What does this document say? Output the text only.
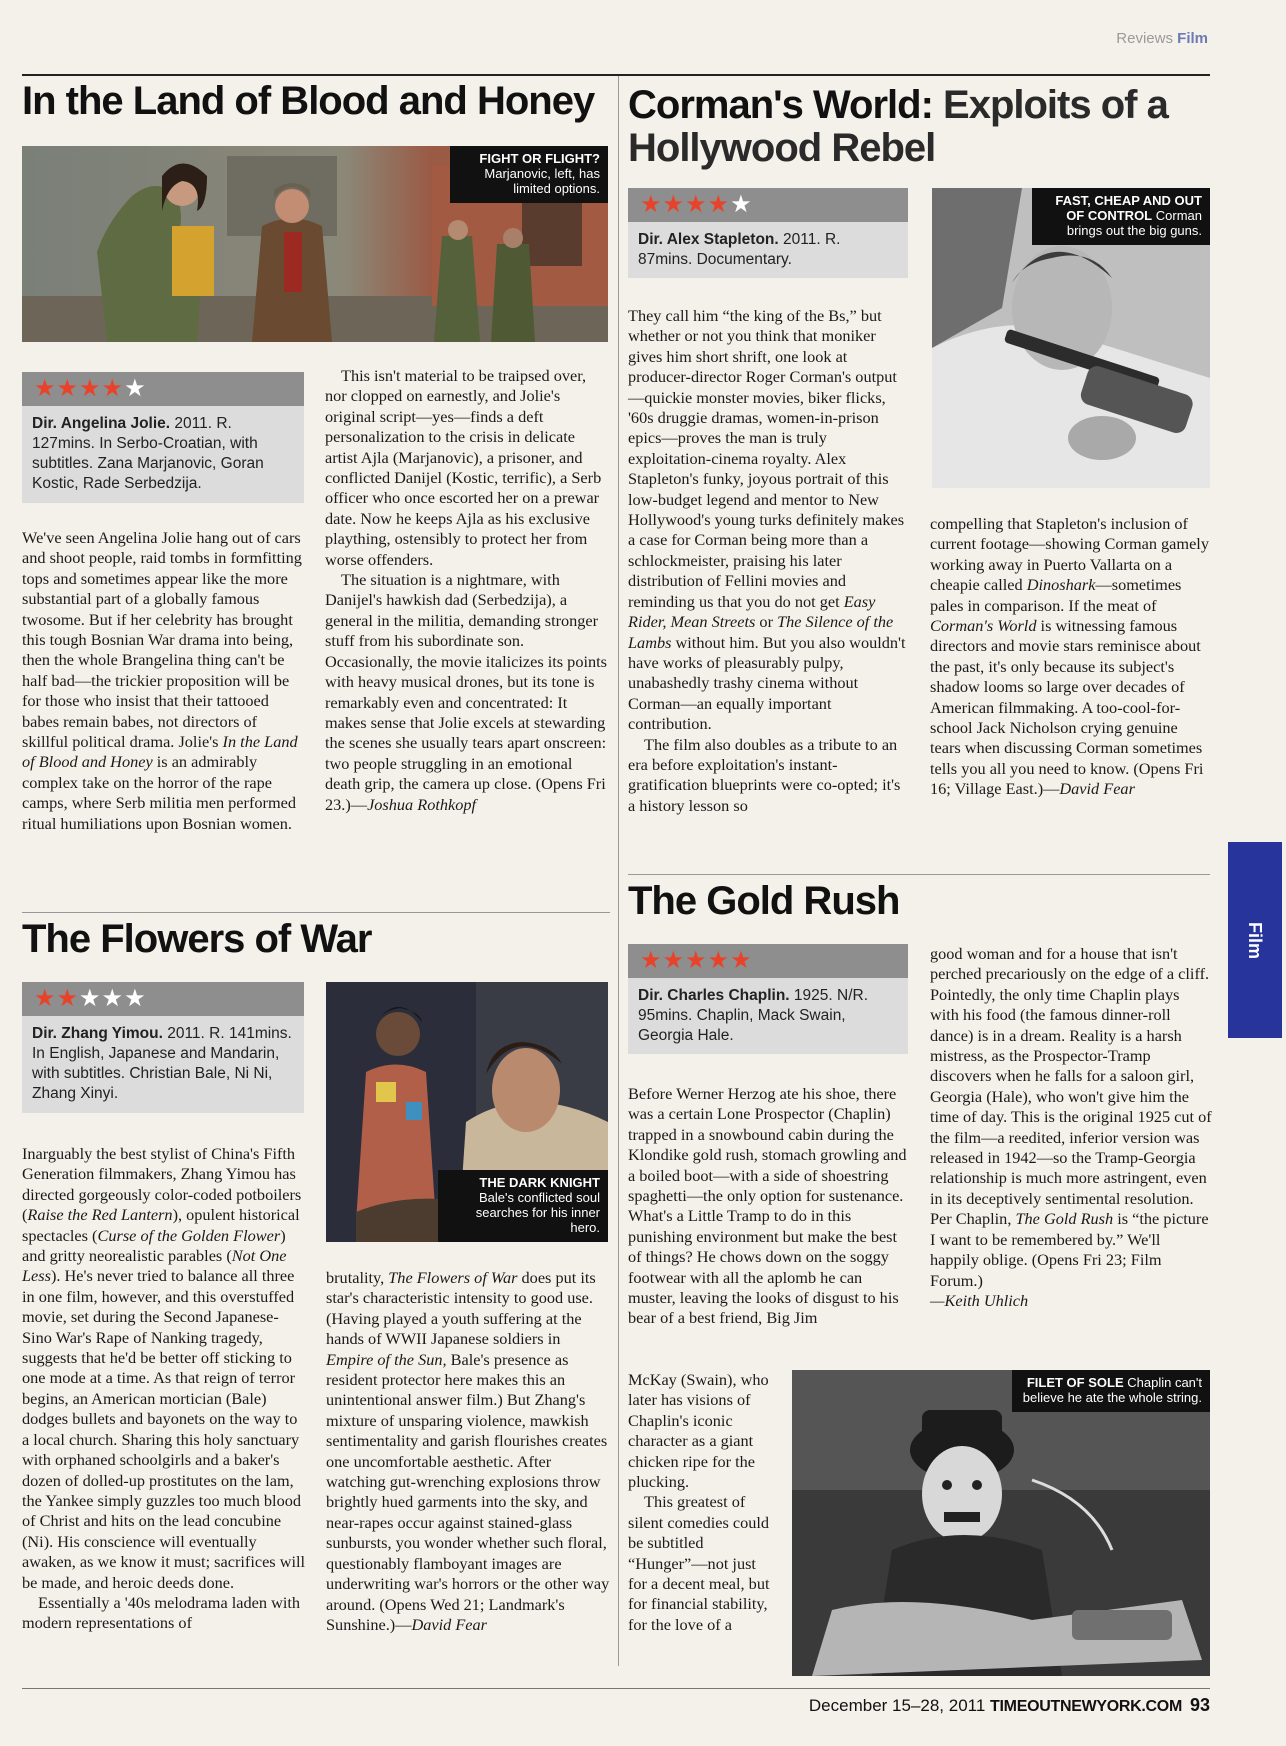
Reviews Film
In the Land of Blood and Honey
FIGHT OR FLIGHT?
Marjanovic, left, has limited options.
★★★★★
Dir. Angelina Jolie. 2011. R. 127mins. In Serbo-Croatian, with subtitles. Zana Marjanovic, Goran Kostic, Rade Serbedzija.

We've seen Angelina Jolie hang out of cars and shoot people, raid tombs in formfitting tops and sometimes appear like the more substantial part of a globally famous twosome. But if her celebrity has brought this tough Bosnian War drama into being, then the whole Brangelina thing can't be half bad—the trickier proposition will be for those who insist that their tattooed babes remain babes, not directors of skillful political drama. Jolie's In the Land of Blood and Honey is an admirably complex take on the horror of the rape camps, where Serb militia men performed ritual humiliations upon Bosnian women.

This isn't material to be traipsed over, nor clopped on earnestly, and Jolie's original script—yes—finds a deft personalization to the crisis in delicate artist Ajla (Marjanovic), a prisoner, and conflicted Danijel (Kostic, terrific), a Serb officer who once escorted her on a prewar date. Now he keeps Ajla as his exclusive plaything, ostensibly to protect her from worse offenders.

The situation is a nightmare, with Danijel's hawkish dad (Serbedzija), a general in the militia, demanding stronger stuff from his subordinate son. Occasionally, the movie italicizes its points with heavy musical drones, but its tone is remarkably even and concentrated: It makes sense that Jolie excels at stewarding the scenes she usually tears apart onscreen: two people struggling in an emotional death grip, the camera up close. (Opens Fri 23.)—Joshua Rothkopf

Corman's World: Exploits of a Hollywood Rebel
★★★★★
Dir. Alex Stapleton. 2011. R. 87mins. Documentary.
FAST, CHEAP AND OUT OF CONTROL Corman brings out the big guns.

They call him “the king of the Bs,” but whether or not you think that moniker gives him short shrift, one look at producer-director Roger Corman's output—quickie monster movies, biker flicks, '60s druggie dramas, women-in-prison epics—proves the man is truly exploitation-cinema royalty. Alex Stapleton's funky, joyous portrait of this low-budget legend and mentor to New Hollywood's young turks definitely makes a case for Corman being more than a schlockmeister, praising his later distribution of Fellini movies and reminding us that you do not get Easy Rider, Mean Streets or The Silence of the Lambs without him. But you also wouldn't have works of pleasurably pulpy, unabashedly trashy cinema without Corman—an equally important contribution.

The film also doubles as a tribute to an era before exploitation's instant-gratification blueprints were co-opted; it's a history lesson so

compelling that Stapleton's inclusion of current footage—showing Corman gamely working away in Puerto Vallarta on a cheapie called Dinoshark—sometimes pales in comparison. If the meat of Corman's World is witnessing famous directors and movie stars reminisce about the past, it's only because its subject's shadow looms so large over decades of American filmmaking. A too-cool-for-school Jack Nicholson crying genuine tears when discussing Corman sometimes tells you all you need to know. (Opens Fri 16; Village East.)—David Fear

The Flowers of War
★★★★★
Dir. Zhang Yimou. 2011. R. 141mins. In English, Japanese and Mandarin, with subtitles. Christian Bale, Ni Ni, Zhang Xinyi.
THE DARK KNIGHT Bale's conflicted soul searches for his inner hero.

Inarguably the best stylist of China's Fifth Generation filmmakers, Zhang Yimou has directed gorgeously color-coded potboilers (Raise the Red Lantern), opulent historical spectacles (Curse of the Golden Flower) and gritty neorealistic parables (Not One Less). He's never tried to balance all three in one film, however, and this overstuffed movie, set during the Second Japanese-Sino War's Rape of Nanking tragedy, suggests that he'd be better off sticking to one mode at a time. As that reign of terror begins, an American mortician (Bale) dodges bullets and bayonets on the way to a local church. Sharing this holy sanctuary with orphaned schoolgirls and a baker's dozen of dolled-up prostitutes on the lam, the Yankee simply guzzles too much blood of Christ and hits on the lead concubine (Ni). His conscience will eventually awaken, as we know it must; sacrifices will be made, and heroic deeds done.

Essentially a '40s melodrama laden with modern representations of

brutality, The Flowers of War does put its star's characteristic intensity to good use. (Having played a youth suffering at the hands of WWII Japanese soldiers in Empire of the Sun, Bale's presence as resident protector here makes this an unintentional answer film.) But Zhang's mixture of unsparing violence, mawkish sentimentality and garish flourishes creates one uncomfortable aesthetic. After watching gut-wrenching explosions throw brightly hued garments into the sky, and near-rapes occur against stained-glass sunbursts, you wonder whether such floral, questionably flamboyant images are underwriting war's horrors or the other way around. (Opens Wed 21; Landmark's Sunshine.)—David Fear

The Gold Rush
★★★★★
Dir. Charles Chaplin. 1925. N/R. 95mins. Chaplin, Mack Swain, Georgia Hale.

Before Werner Herzog ate his shoe, there was a certain Lone Prospector (Chaplin) trapped in a snowbound cabin during the Klondike gold rush, stomach growling and a boiled boot—with a side of shoestring spaghetti—the only option for sustenance. What's a Little Tramp to do in this punishing environment but make the best of things? He chows down on the soggy footwear with all the aplomb he can muster, leaving the looks of disgust to his bear of a best friend, Big Jim

McKay (Swain), who later has visions of Chaplin's iconic character as a giant chicken ripe for the plucking.

This greatest of silent comedies could be subtitled “Hunger”—not just for a decent meal, but for financial stability, for the love of a

good woman and for a house that isn't perched precariously on the edge of a cliff. Pointedly, the only time Chaplin plays with his food (the famous dinner-roll dance) is in a dream. Reality is a harsh mistress, as the Prospector-Tramp discovers when he falls for a saloon girl, Georgia (Hale), who won't give him the time of day. This is the original 1925 cut of the film—a reedited, inferior version was released in 1942—so the Tramp-Georgia relationship is much more astringent, even in its deceptively sentimental resolution. Per Chaplin, The Gold Rush is “the picture I want to be remembered by.” We'll happily oblige. (Opens Fri 23; Film Forum.)

—Keith Uhlich

FILET OF SOLE Chaplin can't believe he ate the whole string.
Film
December 15–28, 2011 TIMEOUTNEWYORK.COM 93
